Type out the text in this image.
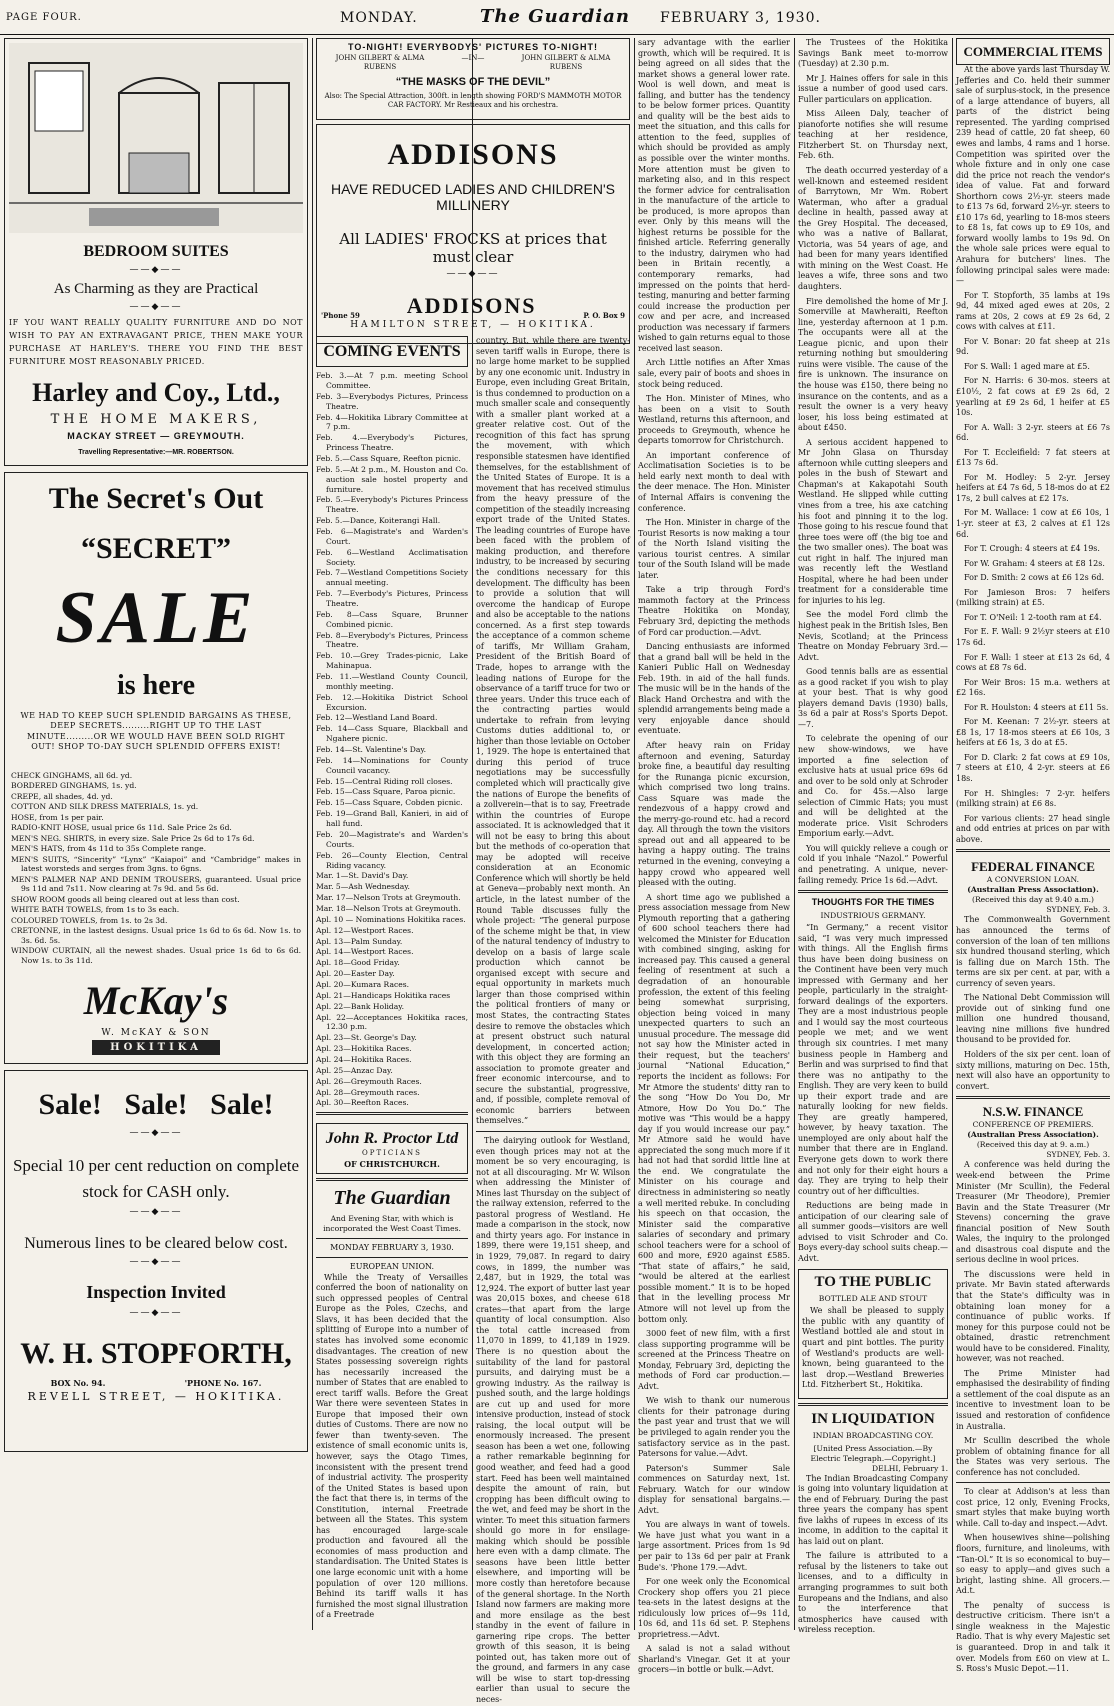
PAGE FOUR.	MONDAY.	The Guardian FEBRUARY 3, 1930.
BEDROOM SUITES
——◆——
As Charming as they are Practical
——◆——
IF YOU WANT REALLY QUALITY FURNITURE AND DO NOT WISH TO PAY AN EXTRAVAGANT PRICE, THEN MAKE YOUR PURCHASE AT HARLEY'S. THERE YOU FIND THE BEST FURNITURE MOST REASONABLY PRICED.
Harley and Coy., Ltd.,
THE HOME MAKERS,
MACKAY STREET — GREYMOUTH.
Travelling Representative:—MR. ROBERTSON.
The Secret's Out
“SECRET”
SALE
is here
WE HAD TO KEEP SUCH SPLENDID BARGAINS AS THESE, DEEP SECRETS.........RIGHT UP TO THE LAST MINUTE.........OR WE WOULD HAVE BEEN SOLD RIGHT OUT! SHOP TO-DAY SUCH SPLENDID OFFERS EXIST!

CHECK GINGHAMS, all 6d. yd.

BORDERED GINGHAMS, 1s. yd.

CREPE, all shades, 4d. yd.

COTTON AND SILK DRESS MATERIALS, 1s. yd.

HOSE, from 1s per pair.

RADIO-KNIT HOSE, usual price 6s 11d. Sale Price 2s 6d.

MEN'S NEG. SHIRTS, in every size. Sale Price 2s 6d to 17s 6d.

MEN'S HATS, from 4s 11d to 35s Complete range.

MEN'S SUITS, “Sincerity” “Lynx” “Kaiapoi” and “Cambridge” makes in latest worsteds and serges from 3gns. to 6gns.

MEN'S PALMER NAP AND DENIM TROUSERS, guaranteed. Usual price 9s 11d and 7s11. Now clearing at 7s 9d. and 5s 6d.

SHOW ROOM goods all being cleared out at less than cost.

WHITE BATH TOWELS, from 1s to 3s each.

COLOURED TOWELS, from 1s. to 2s 3d.

CRETONNE, in the lastest designs. Usual price 1s 6d to 6s 6d. Now 1s. to 3s. 6d. 5s.

WINDOW CURTAIN, all the newest shades. Usual price 1s 6d to 6s 6d. Now 1s. to 3s 11d.

McKay's
W. McKAY & SON
HOKITIKA
Sale!   Sale!   Sale!
——◆——
Special 10 per cent reduction on complete stock for CASH only.
——◆——
Numerous lines to be cleared below cost.
——◆——
Inspection Invited
——◆——
W. H. STOPFORTH,
BOX No. 94.	'PHONE No. 167.
REVELL STREET, — HOKITIKA.
TO-NIGHT! EVERYBODYS' PICTURES TO-NIGHT!
JOHN GILBERT & ALMA RUBENS
—IN—	JOHN GILBERT & ALMA RUBENS
“THE MASKS OF THE DEVIL”
Also: The Special Attraction, 300ft. in length showing FORD'S MAMMOTH MOTOR CAR FACTORY. Mr Restieaux and his orchestra.
ADDISONS
HAVE REDUCED LADIES AND CHILDREN'S MILLINERY
All LADIES' FROCKS at prices that must clear
——◆——
'Phone 59 ADDISONS	P. O. Box 9
HAMILTON STREET, — HOKITIKA.
COMING EVENTS

Feb. 3.—At 7 p.m. meeting School Committee.

Feb. 3—Everybodys Pictures, Princess Theatre.

Feb. 4—Hokitika Library Committee at 7 p.m.

Feb. 4.—Everybody's Pictures, Princess Theatre.

Feb. 5.—Cass Square, Reefton picnic.

Feb. 5.—At 2 p.m., M. Houston and Co. auction sale hostel property and furniture.

Feb. 5.—Everybody's Pictures Princess Theatre.

Feb. 5.—Dance, Koiterangi Hall.

Feb. 6—Magistrate's and Warden's Court.

Feb. 6—Westland Acclimatisation Society.

Feb. 7—Westland Competitions Society annual meeting.

Feb. 7—Everbody's Pictures, Princess Theatre.

Feb. 8—Cass Square, Brunner Combined picnic.

Feb. 8—Everybody's Pictures, Princess Theatre.

Feb. 10.—Grey Trades-picnic, Lake Mahinapua.

Feb. 11.—Westland County Council, monthly meeting.

Feb. 12.—Hokitika District School Excursion.

Feb. 12—Westland Land Board.

Feb. 14—Cass Square, Blackball and Ngahere picnic.

Feb. 14—St. Valentine's Day.

Feb. 14—Nominations for County Council vacancy.

Feb. 15—Central Riding roll closes.

Feb. 15—Cass Square, Paroa picnic.

Feb. 15—Cass Square, Cobden picnic.

Feb. 19—Grand Ball, Kanieri, in aid of hall fund.

Feb. 20—Magistrate's and Warden's Courts.

Feb. 26—County Election, Central Riding vacancy.

Mar. 1—St. David's Day.

Mar. 5—Ash Wednesday.

Mar. 17—Nelson Trots at Greymouth.

Mar. 18—Nelson Trots at Greymouth.

Apl. 10 — Nominations Hokitika races.

Apl. 12—Westport Races.

Apl. 13—Palm Sunday.

Apl. 14—Westport Races.

Apl. 18—Good Friday.

Apl. 20—Easter Day.

Apl. 20—Kumara Races.

Apl. 21—Handicaps Hokitika races

Apl. 22—Bank Holiday.

Apl. 22—Acceptances Hokitika races, 12.30 p.m.

Apl. 23—St. George's Day.

Apl. 23—Hokitika Races.

Apl. 24—Hokitika Races.

Apl. 25—Anzac Day.

Apl. 26—Greymouth Races.

Apl. 28—Greymouth races.

Apl. 30—Reefton Races.

John R. Proctor Ltd
OPTICIANS
OF CHRISTCHURCH.
The Guardian
And Evening Star, with which is incorporated the West Coast Times.
MONDAY FEBRUARY 3, 1930.
EUROPEAN UNION.

While the Treaty of Versailles conferred the boon of nationality on such oppressed peoples of Central Europe as the Poles, Czechs, and Slavs, it has been decided that the splitting of Europe into a number of states has involved some economic disadvantages. The creation of new States possessing sovereign rights has necessarily increased the number of States that are enabled to erect tariff walls. Before the Great War there were seventeen States in Europe that imposed their own duties of Customs. There are now no fewer than twenty-seven. The existence of small economic units is, however, says the Otago Times, inconsistent with the present trend of industrial activity. The prosperity of the United States is based upon the fact that there is, in terms of the Constitution, internal Freetrade between all the States. This system has encouraged large-scale production and favoured all the economies of mass production and standardisation. The United States is one large economic unit with a home population of over 120 millions. Behind its tariff walls it has furnished the most signal illustration of a Freetrade

country. But, while there are twenty-seven tariff walls in Europe, there is no large home market to be supplied by any one economic unit. Industry in Europe, even including Great Britain, is thus condemned to production on a much smaller scale and consequently with a smaller plant worked at a greater relative cost. Out of the recognition of this fact has sprung the movement, with which responsible statesmen have identified themselves, for the establishment of the United States of Europe. It is a movement that has received stimulus from the heavy pressure of the competition of the steadily increasing export trade of the United States. The leading countries of Europe have been faced with the problem of making production, and therefore industry, to be increased by securing the conditions necessary for this development. The difficulty has been to provide a solution that will overcome the handicap of Europe and also be acceptable to the nations concerned. As a first step towards the acceptance of a common scheme of tariffs, Mr William Graham, President of the British Board of Trade, hopes to arrange with the leading nations of Europe for the observance of a tariff truce for two or three years. Under this truce each of the contracting parties would undertake to refrain from levying Customs duties additional to, or higher than those leviable on October 1, 1929. The hope is entertained that during this period of truce negotiations may be successfully completed which will practically give the nations of Europe the benefits of a zollverein—that is to say, Freetrade within the countries of Europe associated. It is acknowledged that it will not be easy to bring this about but the methods of co-operation that may be adopted will receive consideration at an Economic Conference which will shortly be held at Geneva—probably next month. An article, in the latest number of the Round Table discusses fully the whole project: “The general purpose of the scheme might be that, in view of the natural tendency of industry to develop on a basis of large scale production which cannot be organised except with secure and equal opportunity in markets much larger than those comprised within the political frontiers of many or most States, the contracting States desire to remove the obstacles which at present obstruct such natural development, in concerted action; with this object they are forming an association to promote greater and freer economic intercourse, and to secure the substantial, progressive, and, if possible, complete removal of economic barriers between themselves.”

The dairying outlook for Westland, even though prices may not at the moment be so very encouraging, is not at all discouraging. Mr W. Wilson when addressing the Minister of Mines last Thursday on the subject of the railway extension, referred to the pastoral progress of Westland. He made a comparison in the stock, now and thirty years ago. For instance in 1899, there were 19,151 sheep, and in 1929, 79,087. In regard to dairy cows, in 1899, the number was 2,487, but in 1929, the total was 12,924. The export of butter last year was 20,015 boxes, and cheese 618 crates—that apart from the large quantity of local consumption. Also the total cattle increased from 11,070 in 1899, to 41,189 in 1929. There is no question about the suitability of the land for pastoral pursuits, and dairying must be a growing industry. As the railway is pushed south, and the large holdings are cut up and used for more intensive production, instead of stock raising, the local output will be enormously increased. The present season has been a wet one, following a rather remarkable beginning for good weather, and feed had a good start. Feed has been well maintained despite the amount of rain, but cropping has been difficult owing to the wet, and feed may be short in the winter. To meet this situation farmers should go more in for ensilage-making which should be possible here even with a damp climate. The seasons have been little better elsewhere, and importing will be more costly than heretofore because of the general shortage. In the North Island now farmers are making more and more ensilage as the best standby in the event of failure in garnering ripe crops. The better growth of this season, it is being pointed out, has taken more out of the ground, and farmers in any case will be wise to start top-dressing earlier than usual to secure the neces-

sary advantage with the earlier growth, which will be required. It is being agreed on all sides that the market shows a general lower rate. Wool is well down, and meat is falling, and butter has the tendency to be below former prices. Quantity and quality will be the best aids to meet the situation, and this calls for attention to the feed, supplies of which should be provided as amply as possible over the winter months. More attention must be given to marketing also, and in this respect the former advice for centralisation in the manufacture of the article to be produced, is more apropos than ever. Only by this means will the highest returns be possible for the finished article. Referring generally to the industry, dairymen who had been in Britain recently, a contemporary remarks, had impressed on the points that herd-testing, manuring and better farming could increase the production per cow and per acre, and increased production was necessary if farmers wished to gain returns equal to those received last season.

Arch Little notifies an After Xmas sale, every pair of boots and shoes in stock being reduced.

The Hon. Minister of Mines, who has been on a visit to South Westland, returns this afternoon, and proceeds to Greymouth, whence he departs tomorrow for Christchurch.

An important conference of Acclimatisation Societies is to be held early next month to deal with the deer menace. The Hon. Minister of Internal Affairs is convening the conference.

The Hon. Minister in charge of the Tourist Resorts is now making a tour of the North Island visiting the various tourist centres. A similar tour of the South Island will be made later.

Take a trip through Ford's mammoth factory at the Princess Theatre Hokitika on Monday, February 3rd, depicting the methods of Ford car production.—Advt.

Dancing enthusiasts are informed that a grand ball will be held in the Kanieri Public Hall on Wednesday Feb. 19th. in aid of the hall funds. The music will be in the hands of the Black Hand Orchestra and with the splendid arrangements being made a very enjoyable dance should eventuate.

After heavy rain on Friday afternoon and evening, Saturday broke fine, a beautiful day resulting for the Runanga picnic excursion, which comprised two long trains. Cass Square was made the rendezvous of a happy crowd and the merry-go-round etc. had a record day. All through the town the visitors spread out and all appeared to be having a happy outing. The trains returned in the evening, conveying a happy crowd who appeared well pleased with the outing.

A short time ago we published a press association message from New Plymouth reporting that a gathering of 600 school teachers there had welcomed the Minister for Education with combined singing, asking for increased pay. This caused a general feeling of resentment at such a degradation of an honourable profession, the extent of this feeling being somewhat surprising, objection being voiced in many unexpected quarters to such an unusual procedure. The message did not say how the Minister acted in their request, but the teachers' journal “National Education,” reports the incident as follows: For Mr Atmore the students' ditty ran to the song “How Do You Do, Mr Atmore, How Do You Do.” The motive was “This would be a happy day if you would increase our pay.” Mr Atmore said he would have appreciated the song much more if it had not had that sordid little line at the end. We congratulate the Minister on his courage and directness in administering so neatly a well merited rebuke. In concluding his speech on that occasion, the Minister said the comparative salaries of secondary and primary school teachers were for a school of 600 and more, £920 against £585. “That state of affairs,” he said, “would be altered at the earliest possible moment.” It is to be hoped that in the levelling process Mr Atmore will not level up from the bottom only.

3000 feet of new film, with a first class supporting programme will be screened at the Princess Theatre on Monday, February 3rd, depicting the methods of Ford car production.—Advt.

We wish to thank our numerous clients for their patronage during the past year and trust that we will be privileged to again render you the satisfactory service as in the past. Patersons for value.—Advt.

Paterson's Summer Sale commences on Saturday next, 1st. February. Watch for our window display for sensational bargains.—Advt.

You are always in want of towels. We have just what you want in a large assortment. Prices from 1s 9d per pair to 13s 6d per pair at Frank Bude's. 'Phone 179.—Advt.

For one week only the Economical Crockery shop offers you 21 piece tea-sets in the latest designs at the ridiculously low prices of—9s 11d, 10s 6d, and 11s 6d set. P. Stephens proprietress.—Advt.

A salad is not a salad without Sharland's Vinegar. Get it at your grocers—in bottle or bulk.—Advt.

The Trustees of the Hokitika Savings Bank meet to-morrow (Tuesday) at 2.30 p.m.

Mr J. Haines offers for sale in this issue a number of good used cars. Fuller particulars on application.

Miss Aileen Daly, teacher of pianoforte notifies she will resume teaching at her residence, Fitzherbert St. on Thursday next, Feb. 6th.

The death occurred yesterday of a well-known and esteemed resident of Barrytown, Mr Wm. Robert Waterman, who after a gradual decline in health, passed away at the Grey Hospital. The deceased, who was a native of Ballarat, Victoria, was 54 years of age, and had been for many years identified with mining on the West Coast. He leaves a wife, three sons and two daughters.

Fire demolished the home of Mr J. Somerville at Mawheraiti, Reefton line, yesterday afternoon at 1 p.m. The occupants were all at the League picnic, and upon their returning nothing but smouldering ruins were visible. The cause of the fire is unknown. The insurance on the house was £150, there being no insurance on the contents, and as a result the owner is a very heavy loser, his loss being estimated at about £450.

A serious accident happened to Mr John Glasa on Thursday afternoon while cutting sleepers and poles in the bush of Stewart and Chapman's at Kakapotahi South Westland. He slipped while cutting vines from a tree, his axe catching his foot and pinning it to the log. Those going to his rescue found that three toes were off (the big toe and the two smaller ones). The boat was cut right in half. The injured man was recently left the Westland Hospital, where he had been under treatment for a considerable time for injuries to his leg.

See the model Ford climb the highest peak in the British Isles, Ben Nevis, Scotland; at the Princess Theatre on Monday February 3rd.—Advt.

Good tennis balls are as essential as a good racket if you wish to play at your best. That is why good players demand Davis (1930) balls, 3s 6d a pair at Ross's Sports Depot.—7.

To celebrate the opening of our new show-windows, we have imported a fine selection of exclusive hats at usual price 69s 6d and over to be sold only at Schroder and Co. for 45s.—Also large selection of Cimmic Hats; you must and will be delighted at the moderate price. Visit Schroders Emporium early.—Advt.

You will quickly relieve a cough or cold if you inhale “Nazol.” Powerful and penetrating. A unique, never-failing remedy. Price 1s 6d.—Advt.

THOUGHTS FOR THE TIMES
INDUSTRIOUS GERMANY.

“In Germany,” a recent visitor said, “I was very much impressed with things. All the English firms thus have been doing business on the Continent have been very much impressed with Germany and her people, particularly in the straight-forward dealings of the exporters. They are a most industrious people and I would say the most courteous people we met; and we went through six countries. I met many business people in Hamberg and Berlin and was surprised to find that there was no antipathy to the English. They are very keen to build up their export trade and are naturally looking for new fields. They are greatly hampered, however, by heavy taxation. The unemployed are only about half the number that there are in England. Everyone gets down to work there and not only for their eight hours a day. They are trying to help their country out of her difficulties.

Reductions are being made in anticipation of our clearing sale of all summer goods—visitors are well advised to visit Schroder and Co. Boys every-day school suits cheap.—Advt.

TO THE PUBLIC
BOTTLED ALE AND STOUT

We shall be pleased to supply the public with any quantity of Westland bottled ale and stout in quart and pint bottles. The purity of Westland's products are well-known, being guaranteed to the last drop.—Westland Breweries Ltd. Fitzherbert St., Hokitika.

IN LIQUIDATION
INDIAN BROADCASTING COY.
[United Press Association.—By Electric Telegraph.—Copyright.]
DELHI, February 1.

The Indian Broadcasting Company is going into voluntary liquidation at the end of February. During the past three years the company has spent five lakhs of rupees in excess of its income, in addition to the capital it has laid out on plant.

The failure is attributed to a refusal by the listeners to take out licenses, and to a difficulty in arranging programmes to suit both Europeans and the Indians, and also to the interference that atmospherics have caused with wireless reception.

COMMERCIAL ITEMS

At the above yards last Thursday W. Jefferies and Co. held their summer sale of surplus-stock, in the presence of a large attendance of buyers, all parts of the district being represented. The yarding comprised 239 head of cattle, 20 fat sheep, 60 ewes and lambs, 4 rams and 1 horse. Competition was spirited over the whole fixture and in only one case did the price not reach the vendor's idea of value. Fat and forward Shorthorn cows 2½-yr. steers made to £13 7s 6d, forward 2½-yr. steers to £10 17s 6d, yearling to 18-mos steers to £8 1s, fat cows up to £9 10s, and forward woolly lambs to 19s 9d. On the whole sale prices were equal to Arahura for butchers' lines. The following principal sales were made:—

For T. Stopforth, 35 lambs at 19s 9d, 44 mixed aged ewes at 20s, 2 rams at 20s, 2 cows at £9 2s 6d, 2 cows with calves at £11.

For V. Bonar: 20 fat sheep at 21s 9d.

For S. Wall: 1 aged mare at £5.

For N. Harris: 6 30-mos. steers at £10½, 2 fat cows at £9 2s 6d, 2 yearling at £9 2s 6d, 1 heifer at £5 10s.

For A. Wall: 3 2-yr. steers at £6 7s 6d.

For T. Eccleifield: 7 fat steers at £13 7s 6d.

For M. Hodley: 5 2-yr. Jersey heifers at £4 7s 6d, 5 18-mos do at £2 17s, 2 bull calves at £2 17s.

For M. Wallace: 1 cow at £6 10s, 1 1-yr. steer at £3, 2 calves at £1 12s 6d.

For T. Crough: 4 steers at £4 19s.

For W. Graham: 4 steers at £8 12s.

For D. Smith: 2 cows at £6 12s 6d.

For Jamieson Bros: 7 heifers (milking strain) at £5.

For T. O'Neil: 1 2-tooth ram at £4.

For E. F. Wall: 9 2½yr steers at £10 17s 6d.

For F. Wall: 1 steer at £13 2s 6d, 4 cows at £8 7s 6d.

For Weir Bros: 15 m.a. wethers at £2 16s.

For R. Houlston: 4 steers at £11 5s.

For M. Keenan: 7 2½-yr. steers at £8 1s, 17 18-mos steers at £6 10s, 3 heifers at £6 1s, 3 do at £5.

For D. Clark: 2 fat cows at £9 10s, 7 steers at £10, 4 2-yr. steers at £6 18s.

For H. Shingles: 7 2-yr. heifers (milking strain) at £6 8s.

For various clients: 27 head single and odd entries at prices on par with above.

FEDERAL FINANCE
A CONVERSION LOAN.
(Australian Press Association).
(Received this day at 9.40 a.m.)
SYDNEY, Feb. 3.

The Commonwealth Government has announced the terms of conversion of the loan of ten millions six hundred thousand sterling, which is falling due on March 15th. The terms are six per cent. at par, with a currency of seven years.

The National Debt Commission will provide out of sinking fund one million one hundred thousand, leaving nine millions five hundred thousand to be provided for.

Holders of the six per cent. loan of sixty millions, maturing on Dec. 15th, next will also have an opportunity to convert.

N.S.W. FINANCE
CONFERENCE OF PREMIERS.
(Australian Press Association).
(Received this day at 9. a.m.)
SYDNEY, Feb. 3.

A conference was held during the week-end between the Prime Minister (Mr Scullin), the Federal Treasurer (Mr Theodore), Premier Bavin and the State Treasurer (Mr Stevens) concerning the grave financial position of New South Wales, the inquiry to the prolonged and disastrous coal dispute and the serious decline in wool prices.

The discussions were held in private. Mr Bavin stated afterwards that the State's difficulty was in obtaining loan money for a continuance of public works. If money for this purpose could not be obtained, drastic retrenchment would have to be considered. Finality, however, was not reached.

The Prime Minister had emphasised the desirability of finding a settlement of the coal dispute as an incentive to investment loan to be issued and restoration of confidence in Australia.

Mr Scullin described the whole problem of obtaining finance for all the States was very serious. The conference has not concluded.

To clear at Addison's at less than cost price, 12 only, Evening Frocks, smart styles that make buying worth while. Call to-day and inspect.—Advt.

When housewives shine—polishing floors, furniture, and linoleums, with “Tan-Ol.” It is so economical to buy—so easy to apply—and gives such a bright, lasting shine. All grocers.—Ad.t.

The penalty of success is destructive criticism. There isn't a single weakness in the Majestic Radio. That is why every Majestic set is guaranteed. Drop in and talk it over. Models from £60 on view at L. S. Ross's Music Depot.—11.
